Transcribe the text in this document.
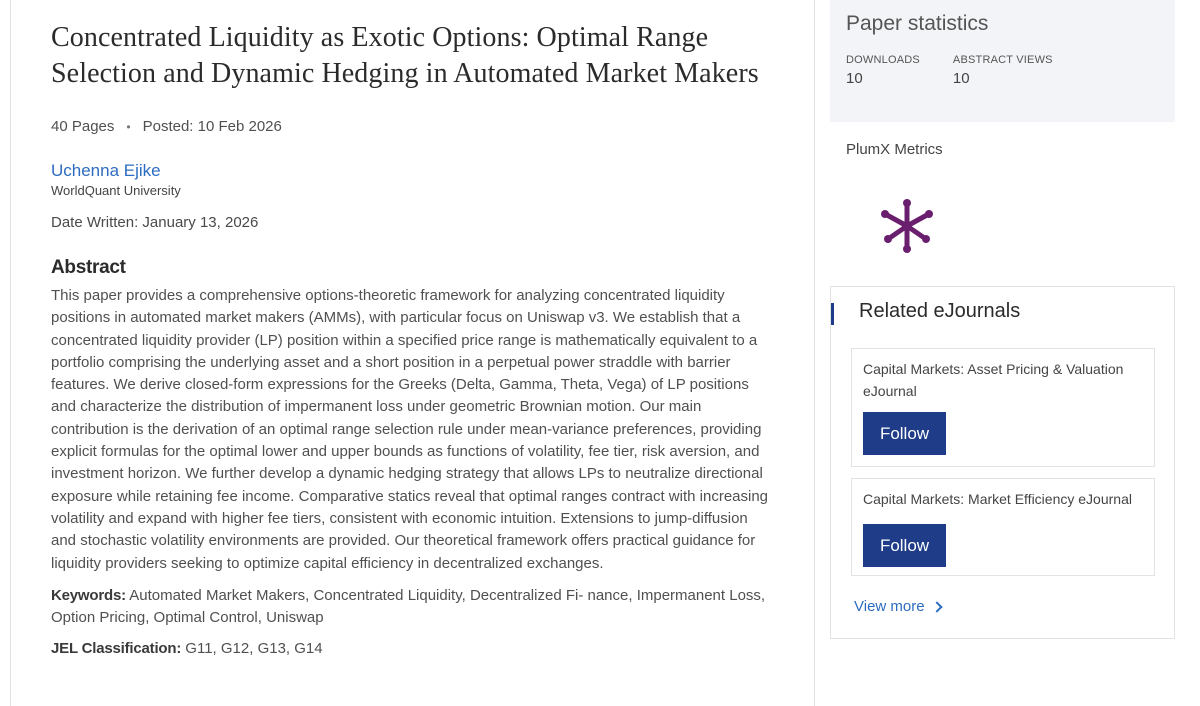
Concentrated Liquidity as Exotic Options: Optimal Range Selection and Dynamic Hedging in Automated Market Makers
40 Pages • Posted: 10 Feb 2026
Uchenna Ejike
WorldQuant University
Date Written: January 13, 2026
Abstract

This paper provides a comprehensive options-theoretic framework for analyzing concentrated liquidity positions in automated market makers (AMMs), with particular focus on Uniswap v3. We establish that a concentrated liquidity provider (LP) position within a specified price range is mathematically equivalent to a portfolio comprising the underlying asset and a short position in a perpetual power straddle with barrier features. We derive closed-form expressions for the Greeks (Delta, Gamma, Theta, Vega) of LP positions and characterize the distribution of impermanent loss under geometric Brownian motion. Our main contribution is the derivation of an optimal range selection rule under mean-variance preferences, providing explicit formulas for the optimal lower and upper bounds as functions of volatility, fee tier, risk aversion, and investment horizon. We further develop a dynamic hedging strategy that allows LPs to neutralize directional exposure while retaining fee income. Comparative statics reveal that optimal ranges contract with increasing volatility and expand with higher fee tiers, consistent with economic intuition. Extensions to jump-diffusion and stochastic volatility environments are provided. Our theoretical framework offers practical guidance for liquidity providers seeking to optimize capital efficiency in decentralized exchanges.

Keywords: Automated Market Makers, Concentrated Liquidity, Decentralized Fi- nance, Impermanent Loss, Option Pricing, Optimal Control, Uniswap

JEL Classification: G11, G12, G13, G14

Paper statistics
DOWNLOADS
10
ABSTRACT VIEWS
10
PlumX Metrics
Related eJournals
Capital Markets: Asset Pricing & Valuation eJournal
Follow
Capital Markets: Market Efficiency eJournal
Follow
View more
